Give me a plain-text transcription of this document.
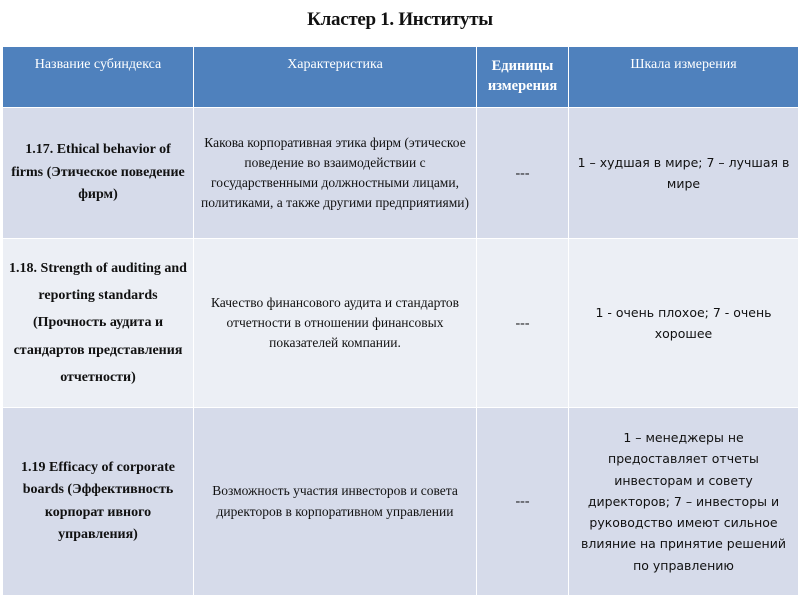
Кластер 1. Институты
Название субиндекса	Характеристика	Единицы измерения	Шкала измерения
1.17. Ethical behavior of firms (Этическое поведение фирм)	Какова корпоративная этика фирм (этическое поведение во взаимодействии с государственными должностными лицами, политиками, а также другими предприятиями)	---	1 – худшая в мире; 7 – лучшая в мире
1.18. Strength of auditing and reporting standards (Прочность аудита и стандартов представления отчетности)	Качество финансового аудита и стандартов отчетности в отношении финансовых показателей компании.	---	1 - очень плохое; 7 - очень хорошее
1.19 Efficacy of corporate boards (Эффективность корпорат ивного управления)	Возможность участия инвесторов и совета директоров в корпоративном управлении	---	1 – менеджеры не предоставляет отчеты инвесторам и совету директоров; 7 – инвесторы и руководство имеют сильное влияние на принятие решений по управлению
